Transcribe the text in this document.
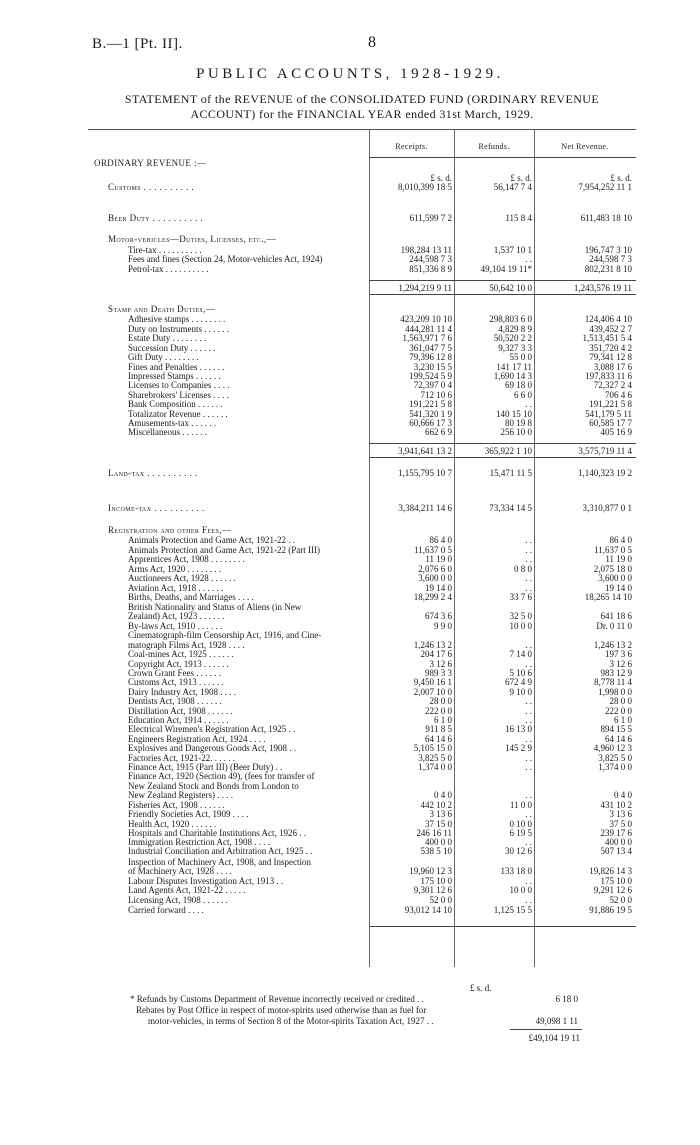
B.—1 [Pt. II].	8
PUBLIC ACCOUNTS, 1928-1929.
STATEMENT of the REVENUE of the CONSOLIDATED FUND (ORDINARY REVENUE
ACCOUNT) for the FINANCIAL YEAR ended 31st March, 1929.
Receipts.	Refunds.	Net Revenue.
ORDINARY REVENUE :—
£ s. d.	£ s. d.	£ s. d.
Customs . . . . . . . . . .	8,010,399 18 5	56,147 7 4	7,954,252 11 1
Beer Duty . . . . . . . . . .	611,599 7 2	115 8 4	611,483 18 10
Motor-vehicles—Duties, Licenses, etc.,—
Tire-tax . . . . . . . . . .	198,284 13 11	1,537 10 1	196,747 3 10
Fees and fines (Section 24, Motor-vehicles Act, 1924)	244,598 7 3	. .	244,598 7 3
Petrol-tax . . . . . . . . . .	851,336 8 9	49,104 19 11*	802,231 8 10
1,294,219 9 11	50,642 10 0	1,243,576 19 11
Stamp and Death Duties,—
Adhesive stamps . . . . . . . .	423,209 10 10	298,803 6 0	124,406 4 10
Duty on Instruments . . . . . .	444,281 11 4	4,829 8 9	439,452 2 7
Estate Duty . . . . . . . .	1,563,971 7 6	50,520 2 2	1,513,451 5 4
Succession Duty . . . . . .	361,047 7 5	9,327 3 3	351,720 4 2
Gift Duty . . . . . . . .	79,396 12 8	55 0 0	79,341 12 8
Fines and Penalties . . . . . .	3,230 15 5	141 17 11	3,088 17 6
Impressed Stamps . . . . . .	199,524 5 9	1,690 14 3	197,833 11 6
Licenses to Companies . . . .	72,397 0 4	69 18 0	72,327 2 4
Sharebrokers' Licenses . . . .	712 10 6	6 6 0	706 4 6
Bank Composition . . . . . .	191,221 5 8	. .	191,221 5 8
Totalizator Revenue . . . . . .	541,320 1 9	140 15 10	541,179 5 11
Amusements-tax . . . . . .	60,666 17 3	80 19 8	60,585 17 7
Miscellaneous . . . . . .	662 6 9	256 10 0	405 16 9
3,941,641 13 2	365,922 1 10	3,575,719 11 4
Land-tax . . . . . . . . . .	1,155,795 10 7	15,471 11 5	1,140,323 19 2
Income-tax . . . . . . . . . .	3,384,211 14 6	73,334 14 5	3,310,877 0 1
Registration and other Fees,—
Animals Protection and Game Act, 1921-22 . .	86 4 0	. .	86 4 0
Animals Protection and Game Act, 1921-22 (Part III)	11,637 0 5	. .	11,637 0 5
Apprentices Act, 1908 . . . . . . . .	11 19 0	. .	11 19 0
Arms Act, 1920 . . . . . . . .	2,076 6 0	0 8 0	2,075 18 0
Auctioneers Act, 1928 . . . . . .	3,600 0 0	. .	3,600 0 0
Aviation Act, 1918 . . . . . .	19 14 0	. .	19 14 0
Births, Deaths, and Marriages . . . .	18,299 2 4	33 7 6	18,265 14 10
British Nationality and Status of Aliens (in New
Zealand) Act, 1923 . . . . . .	674 3 6	32 5 0	641 18 6
By-laws Act, 1910 . . . . . .	9 9 0	10 0 0	Dr. 0 11 0
Cinematograph-film Censorship Act, 1916, and Cine-
matograph Films Act, 1928 . . . .	1,246 13 2	. .	1,246 13 2
Coal-mines Act, 1925 . . . . . .	204 17 6	7 14 0	197 3 6
Copyright Act, 1913 . . . . . .	3 12 6	. .	3 12 6
Crown Grant Fees . . . . . .	989 3 3	5 10 6	983 12 9
Customs Act, 1913 . . . . . .	9,450 16 1	672 4 9	8,778 11 4
Dairy Industry Act, 1908 . . . .	2,007 10 0	9 10 0	1,998 0 0
Dentists Act, 1908 . . . . . .	28 0 0	. .	28 0 0
Distillation Act, 1908 . . . . . .	222 0 0	. .	222 0 0
Education Act, 1914 . . . . . .	6 1 0	. .	6 1 0
Electrical Wiremen's Registration Act, 1925 . .	911 8 5	16 13 0	894 15 5
Engineers Registration Act, 1924 . . . .	64 14 6	. .	64 14 6
Explosives and Dangerous Goods Act, 1908 . .	5,105 15 0	145 2 9	4,960 12 3
Factories Act, 1921-22. . . . . .	3,825 5 0	. .	3,825 5 0
Finance Act, 1915 (Part III) (Beer Duty) . .	1,374 0 0	. .	1,374 0 0
Finance Act, 1920 (Section 49), (fees for transfer of
New Zealand Stock and Bonds from London to
New Zealand Registers) . . . .	0 4 0	. .	0 4 0
Fisheries Act, 1908 . . . . . .	442 10 2	11 0 0	431 10 2
Friendly Societies Act, 1909 . . . .	3 13 6	. .	3 13 6
Health Act, 1920 . . . . . .	37 15 0	0 10 0	37 5 0
Hospitals and Charitable Institutions Act, 1926 . .	246 16 11	6 19 5	239 17 6
Immigration Restriction Act, 1908 . . . .	400 0 0	. .	400 0 0
Industrial Conciliation and Arbitration Act, 1925 . .	538 5 10	30 12 6	507 13 4
Inspection of Machinery Act, 1908, and Inspection
of Machinery Act, 1928 . . . .	19,960 12 3	133 18 0	19,826 14 3
Labour Disputes Investigation Act, 1913 . .	175 10 0	. .	175 10 0
Land Agents Act, 1921-22 . . . . .	9,301 12 6	10 0 0	9,291 12 6
Licensing Act, 1908 . . . . . .	52 0 0	. .	52 0 0
Carried forward . . . .	93,012 14 10	1,125 15 5	91,886 19 5
£ s. d.
* Refunds by Customs Department of Revenue incorrectly received or credited . .	6 18 0
Rebates by Post Office in respect of motor-spirits used otherwise than as fuel for
motor-vehicles, in terms of Section 8 of the Motor-spirits Taxation Act, 1927 . .	49,098 1 11
£49,104 19 11
